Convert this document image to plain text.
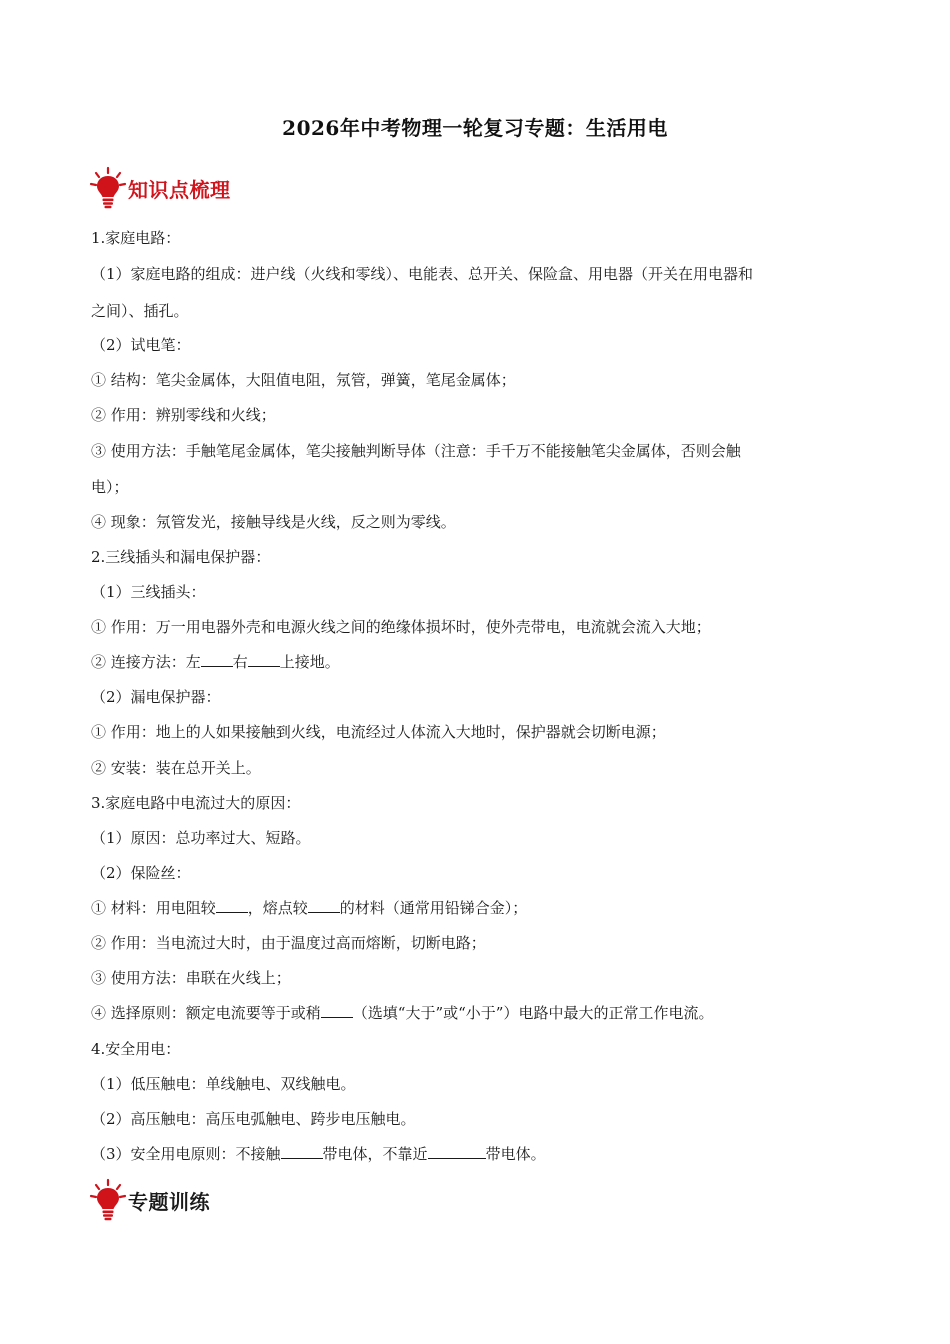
2026年中考物理一轮复习专题：生活用电
知识点梳理
1.家庭电路：
（1）家庭电路的组成：进户线（火线和零线）、电能表、总开关、保险盒、用电器（开关在用电器和
之间）、插孔。
（2）试电笔：
① 结构：笔尖金属体，大阻值电阻，氖管，弹簧，笔尾金属体；
② 作用：辨别零线和火线；
③ 使用方法：手触笔尾金属体，笔尖接触判断导体（注意：手千万不能接触笔尖金属体，否则会触
电）；
④ 现象：氖管发光，接触导线是火线，反之则为零线。
2.三线插头和漏电保护器：
（1）三线插头：
① 作用：万一用电器外壳和电源火线之间的绝缘体损坏时，使外壳带电，电流就会流入大地；
② 连接方法：左 右 上接地。
（2）漏电保护器：
① 作用：地上的人如果接触到火线，电流经过人体流入大地时，保护器就会切断电源；
② 安装：装在总开关上。
3.家庭电路中电流过大的原因：
（1）原因：总功率过大、短路。
（2）保险丝：
① 材料：用电阻较 ，熔点较 的材料（通常用铅锑合金）；
② 作用：当电流过大时，由于温度过高而熔断，切断电路；
③ 使用方法：串联在火线上；
④ 选择原则：额定电流要等于或稍 （选填“大于”或“小于”）电路中最大的正常工作电流。
4.安全用电：
（1）低压触电：单线触电、双线触电。
（2）高压触电：高压电弧触电、跨步电压触电。
（3）安全用电原则：不接触	带电体，不靠近	带电体。
专题训练
